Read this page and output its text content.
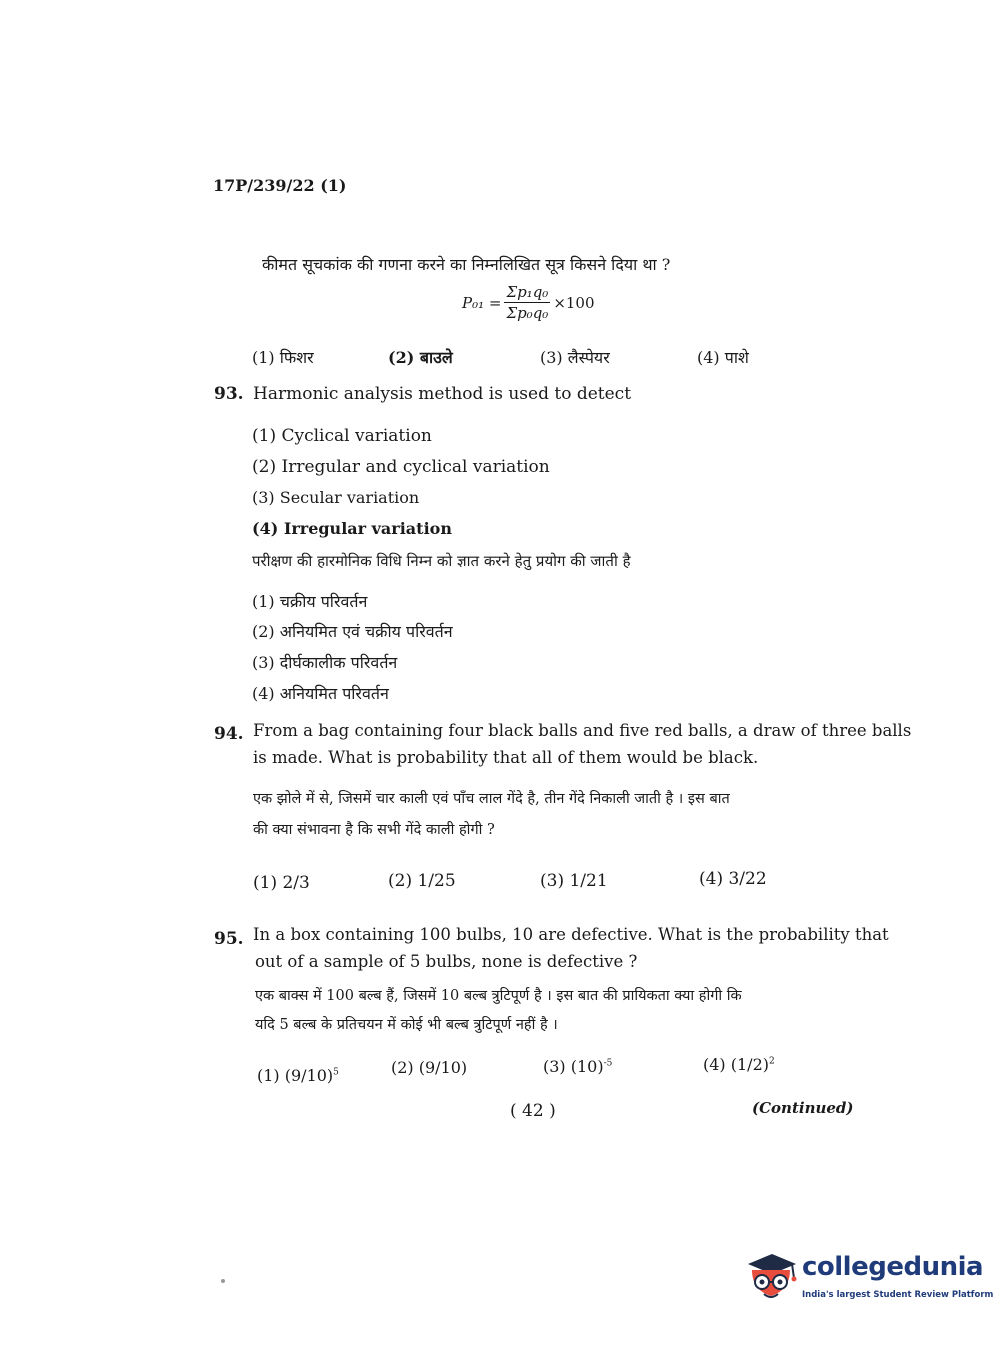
17P/239/22 (1)
कीमत सूचकांक की गणना करने का निम्नलिखित सूत्र किसने दिया था ?
$P_{01} = \frac{\text{Σp₁q₀}}{\text{Σp₀q₀}} \times 100$
(1) फिशर	(2) बाउले	(3) लैस्पेयर	(4) पाशे
93. Harmonic analysis method is used to detect
(1) Cyclical variation
(2) Irregular and cyclical variation
(3) Secular variation
(4) Irregular variation
परीक्षण की हारमोनिक विधि निम्न को ज्ञात करने हेतु प्रयोग की जाती है
(1) चक्रीय परिवर्तन
(2) अनियमित एवं चक्रीय परिवर्तन
(3) दीर्घकालीक परिवर्तन
(4) अनियमित परिवर्तन
94. From a bag containing four black balls and five red balls, a draw of three balls
is made. What is probability that all of them would be black.
एक झोले में से, जिसमें चार काली एवं पाँच लाल गेंदे है, तीन गेंदे निकाली जाती है । इस बात
की क्या संभावना है कि सभी गेंदे काली होगी ?
(1) 2/3	(2) 1/25	(3) 1/21	(4) 3/22
95. In a box containing 100 bulbs, 10 are defective. What is the probability that
out of a sample of 5 bulbs, none is defective ?
एक बाक्स में 100 बल्ब हैं, जिसमें 10 बल्ब त्रुटिपूर्ण है । इस बात की प्रायिकता क्या होगी कि
यदि 5 बल्ब के प्रतिचयन में कोई भी बल्ब त्रुटिपूर्ण नहीं है ।
(1) $(9/10)^5$	(2) (9/10)	(3) $(10)^{-5}$	(4) $(1/2)^2$
( 42 )	(Continued)
collegedunia
India's largest Student Review Platform
